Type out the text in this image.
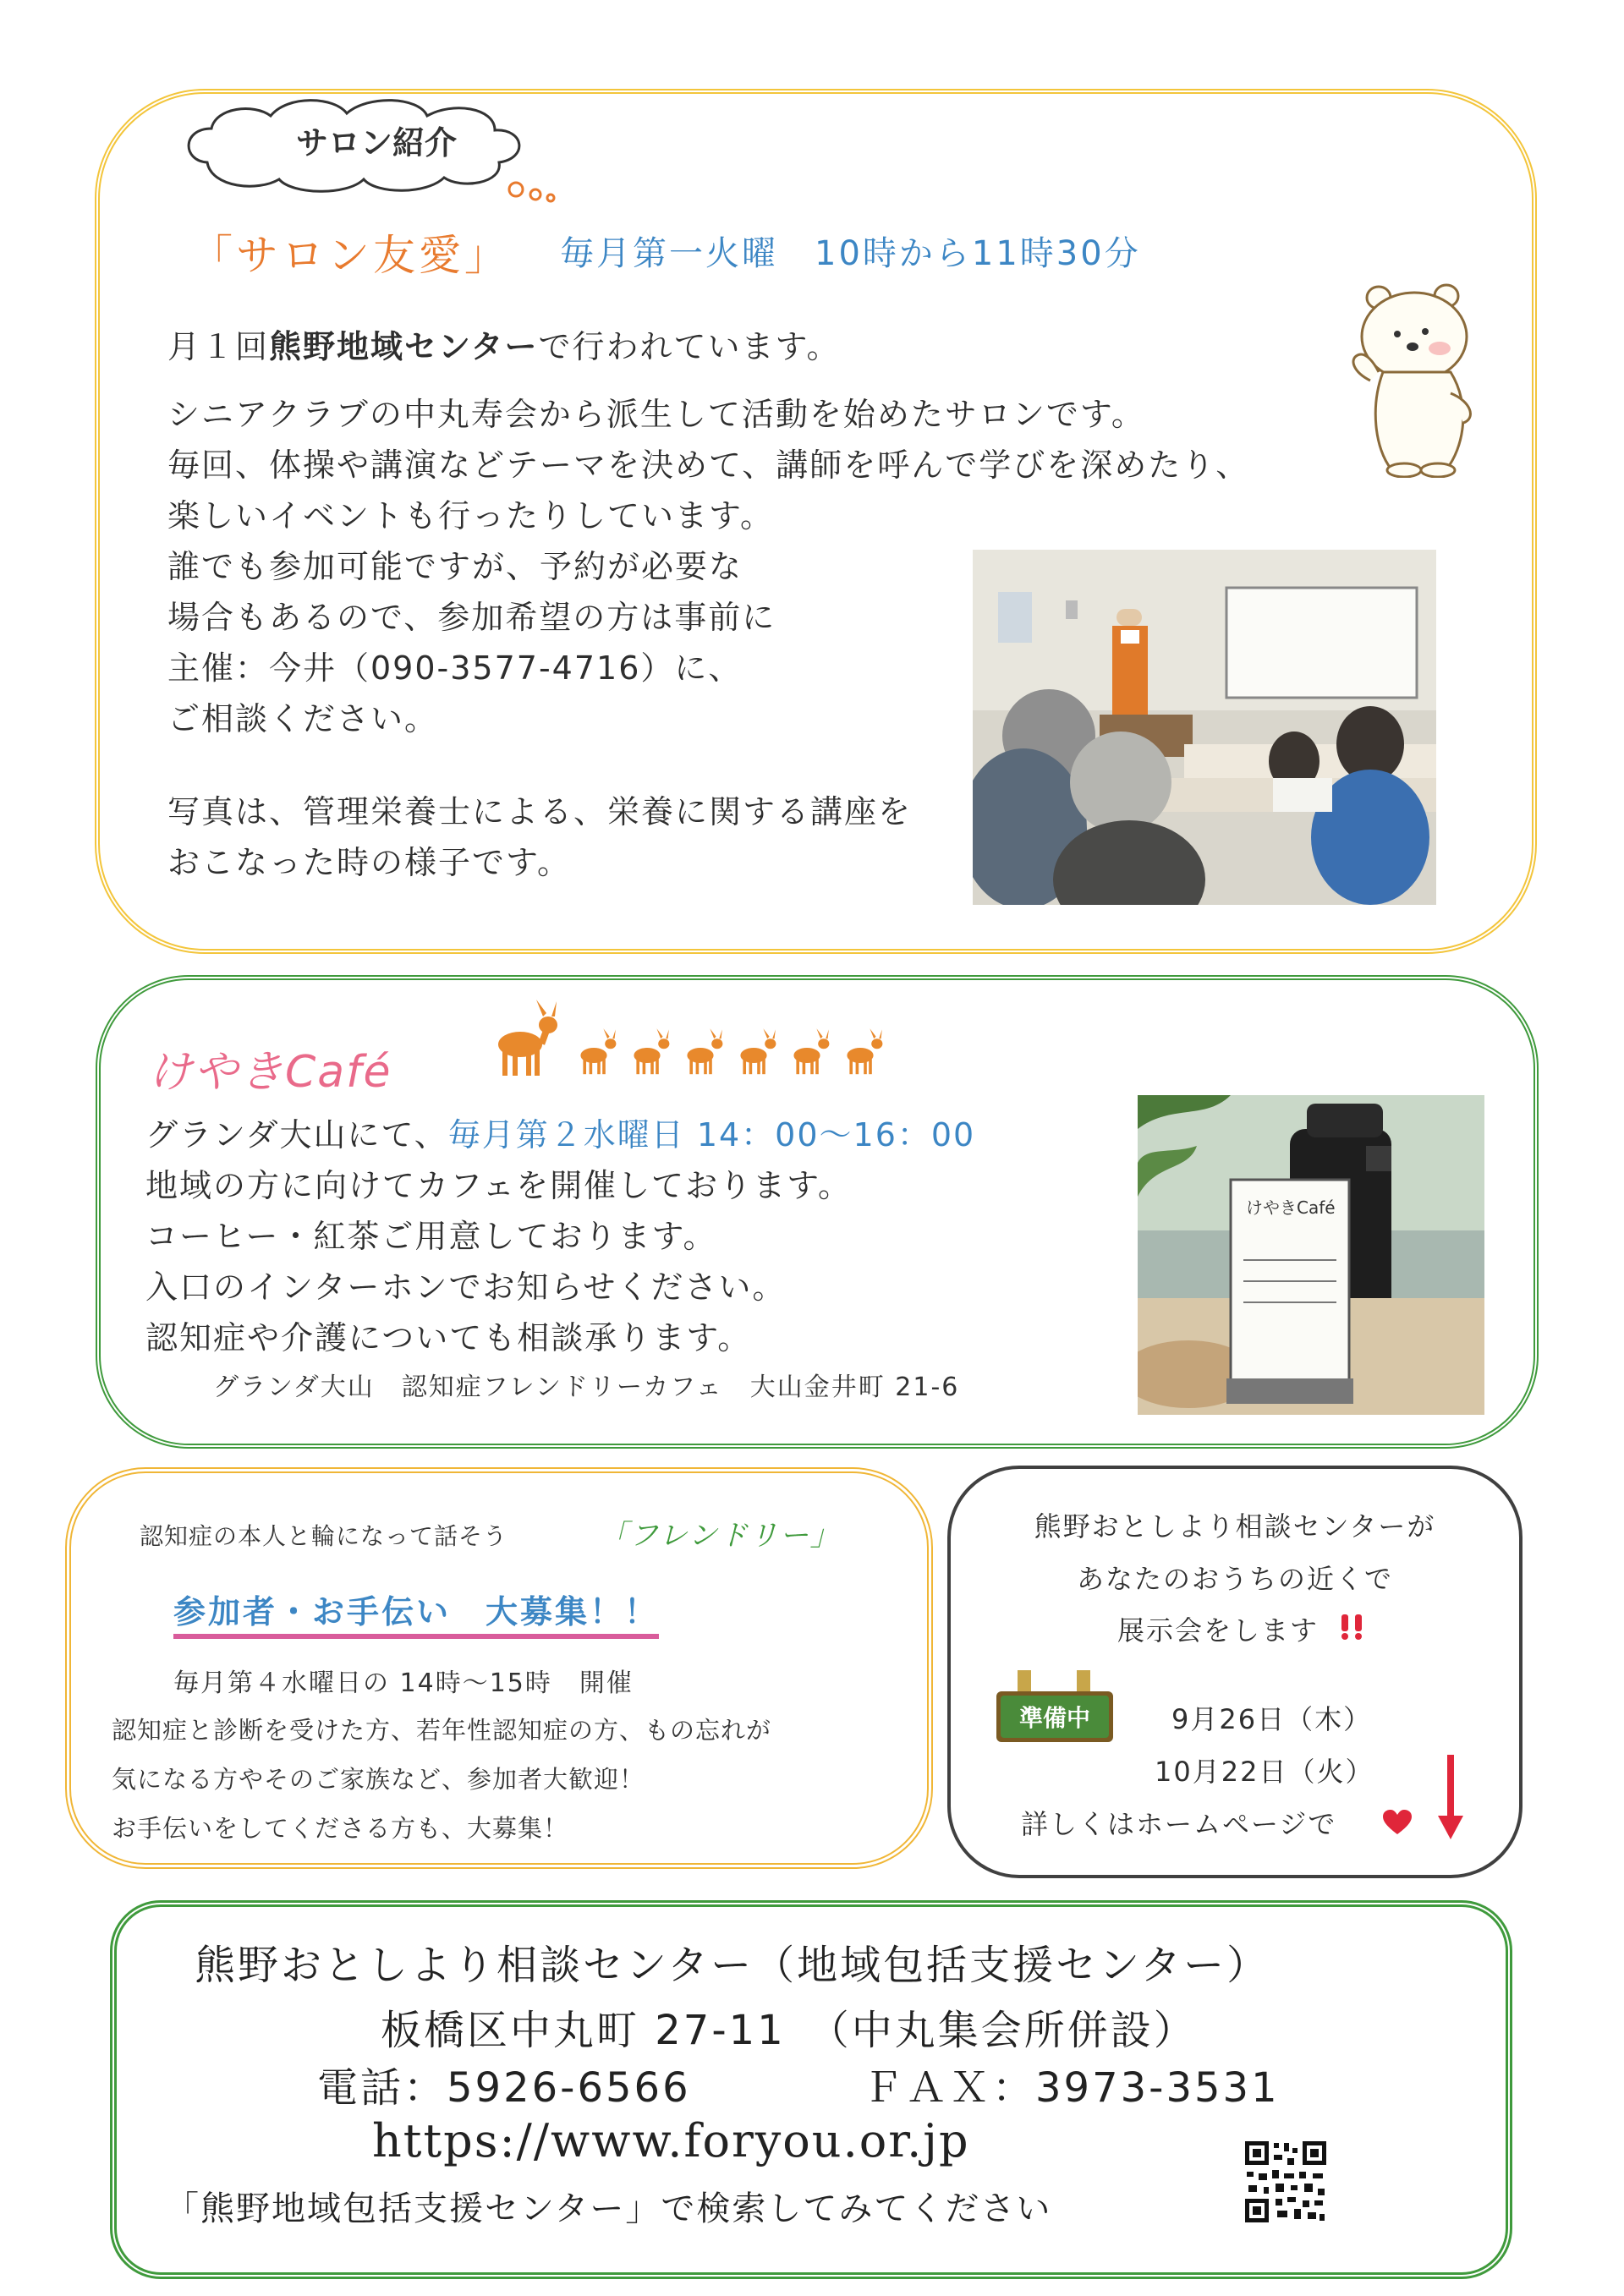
サロン紹介
「サロン友愛」 毎月第一火曜　10時から11時30分
月１回熊野地域センターで行われています。
シニアクラブの中丸寿会から派生して活動を始めたサロンです。
毎回、体操や講演などテーマを決めて、講師を呼んで学びを深めたり、
楽しいイベントも行ったりしています。
誰でも参加可能ですが、予約が必要な
場合もあるので、参加希望の方は事前に
主催：今井（090-3577-4716）に、
ご相談ください。
写真は、管理栄養士による、栄養に関する講座を
おこなった時の様子です。
けやきCafé
グランダ大山にて、毎月第２水曜日 14：00〜16：00
地域の方に向けてカフェを開催しております。
コーヒー・紅茶ご用意しております。
入口のインターホンでお知らせください。
認知症や介護についても相談承ります。
グランダ大山　認知症フレンドリーカフェ　大山金井町 21-6
けやきCafé
認知症の本人と輪になって話そう	「フレンドリー」
参加者・お手伝い　大募集！！
毎月第４水曜日の 14時〜15時　開催
認知症と診断を受けた方、若年性認知症の方、もの忘れが
気になる方やそのご家族など、参加者大歓迎！
お手伝いをしてくださる方も、大募集！
熊野おとしより相談センターが
あなたのおうちの近くで
展示会をします
準備中	9月26日（木）
10月22日（火）
詳しくはホームページで
熊野おとしより相談センター（地域包括支援センター）
板橋区中丸町 27-11　（中丸集会所併設）
電話：5926-6566	ＦＡＸ：3973-3531
https://www.foryou.or.jp
「熊野地域包括支援センター」で検索してみてください
